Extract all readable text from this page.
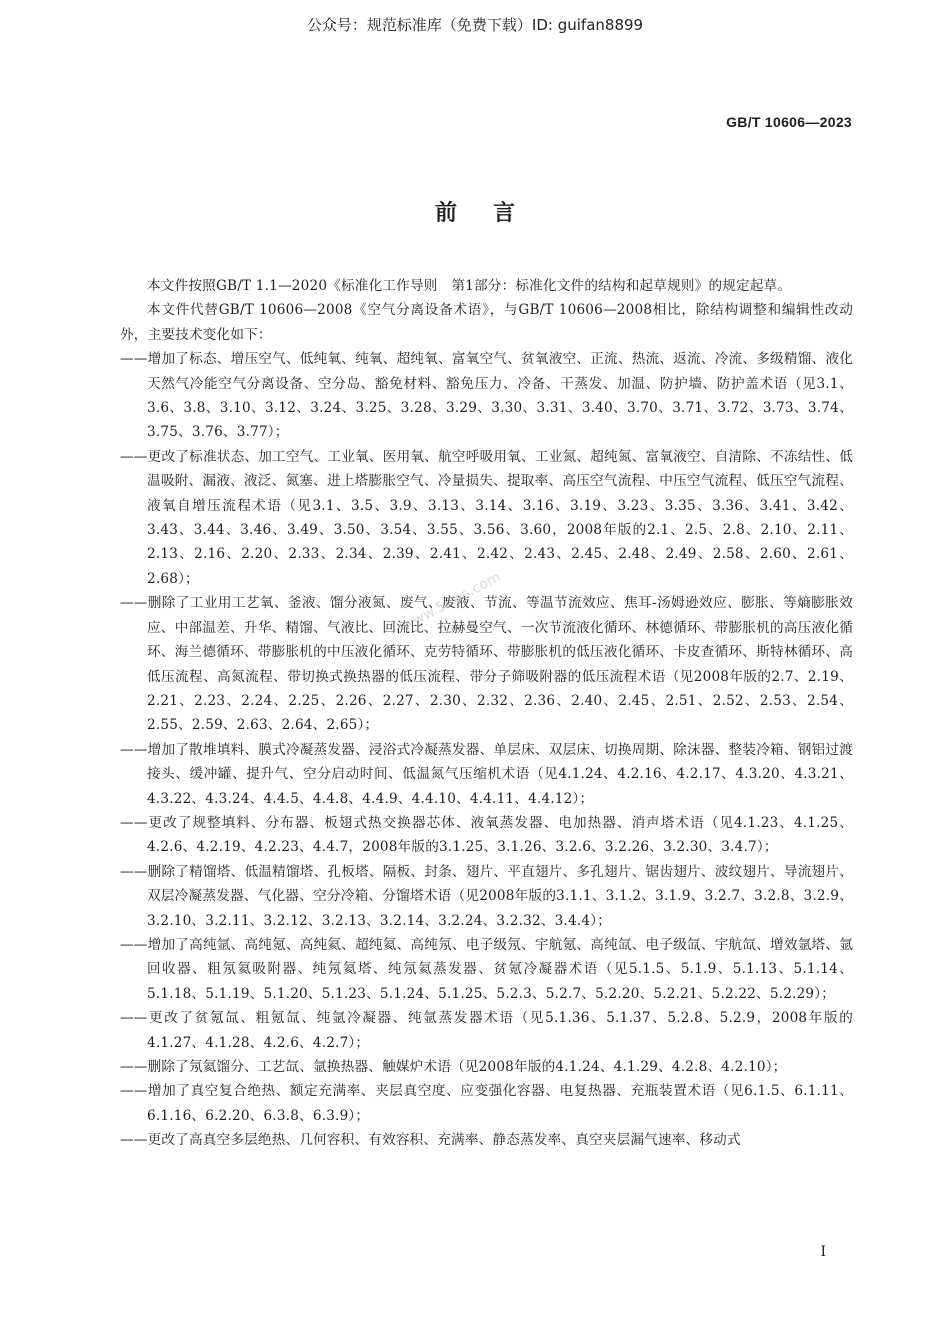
公众号：规范标准库（免费下载）ID: guifan8899
GB/T 10606—2023
前言

本文件按照GB/T 1.1—2020《标准化工作导则　第1部分：标准化文件的结构和起草规则》的规定起草。

本文件代替GB/T 10606—2008《空气分离设备术语》，与GB/T 10606—2008相比，除结构调整和编辑性改动外，主要技术变化如下：

——增加了标态、增压空气、低纯氧、纯氧、超纯氧、富氧空气、贫氧液空、正流、热流、返流、冷流、多级精馏、液化天然气冷能空气分离设备、空分岛、豁免材料、豁免压力、冷备、干蒸发、加温、防护墙、防护盖术语（见3.1、3.6、3.8、3.10、3.12、3.24、3.25、3.28、3.29、3.30、3.31、3.40、3.70、3.71、3.72、3.73、3.74、3.75、3.76、3.77）；

——更改了标准状态、加工空气、工业氧、医用氧、航空呼吸用氧、工业氮、超纯氮、富氧液空、自清除、不冻结性、低温吸附、漏液、液泛、氮塞、进上塔膨胀空气、冷量损失、提取率、高压空气流程、中压空气流程、低压空气流程、液氧自增压流程术语（见3.1、3.5、3.9、3.13、3.14、3.16、3.19、3.23、3.35、3.36、3.41、3.42、3.43、3.44、3.46、3.49、3.50、3.54、3.55、3.56、3.60，2008年版的2.1、2.5、2.8、2.10、2.11、2.13、2.16、2.20、2.33、2.34、2.39、2.41、2.42、2.43、2.45、2.48、2.49、2.58、2.60、2.61、2.68）；

——删除了工业用工艺氧、釜液、馏分液氮、废气、废液、节流、等温节流效应、焦耳-汤姆逊效应、膨胀、等熵膨胀效应、中部温差、升华、精馏、气液比、回流比、拉赫曼空气、一次节流液化循环、林德循环、带膨胀机的高压液化循环、海兰德循环、带膨胀机的中压液化循环、克劳特循环、带膨胀机的低压液化循环、卡皮查循环、斯特林循环、高低压流程、高氮流程、带切换式换热器的低压流程、带分子筛吸附器的低压流程术语（见2008年版的2.7、2.19、2.21、2.23、2.24、2.25、2.26、2.27、2.30、2.32、2.36、2.40、2.45、2.51、2.52、2.53、2.54、2.55、2.59、2.63、2.64、2.65）；

——增加了散堆填料、膜式冷凝蒸发器、浸浴式冷凝蒸发器、单层床、双层床、切换周期、除沫器、整装冷箱、钢铝过渡接头、缓冲罐、提升气、空分启动时间、低温氮气压缩机术语（见4.1.24、4.2.16、4.2.17、4.3.20、4.3.21、4.3.22、4.3.24、4.4.5、4.4.8、4.4.9、4.4.10、4.4.11、4.4.12）；

——更改了规整填料、分布器、板翅式热交换器芯体、液氧蒸发器、电加热器、消声塔术语（见4.1.23、4.1.25、4.2.6、4.2.19、4.2.23、4.4.7，2008年版的3.1.25、3.1.26、3.2.6、3.2.26、3.2.30、3.4.7）；

——删除了精馏塔、低温精馏塔、孔板塔、隔板、封条、翅片、平直翅片、多孔翅片、锯齿翅片、波纹翅片、导流翅片、双层冷凝蒸发器、气化器、空分冷箱、分馏塔术语（见2008年版的3.1.1、3.1.2、3.1.9、3.2.7、3.2.8、3.2.9、3.2.10、3.2.11、3.2.12、3.2.13、3.2.14、3.2.24、3.2.32、3.4.4）；

——增加了高纯氩、高纯氪、高纯氦、超纯氦、高纯氖、电子级氖、宇航氪、高纯氙、电子级氙、宇航氙、增效氩塔、氩回收器、粗氖氦吸附器、纯氖氦塔、纯氖氦蒸发器、贫氪冷凝器术语（见5.1.5、5.1.9、5.1.13、5.1.14、5.1.18、5.1.19、5.1.20、5.1.23、5.1.24、5.1.25、5.2.3、5.2.7、5.2.20、5.2.21、5.2.22、5.2.29）；

——更改了贫氪氙、粗氪氙、纯氩冷凝器、纯氩蒸发器术语（见5.1.36、5.1.37、5.2.8、5.2.9，2008年版的4.1.27、4.1.28、4.2.6、4.2.7）；

——删除了氖氦馏分、工艺氙、氩换热器、触媒炉术语（见2008年版的4.1.24、4.1.29、4.2.8、4.2.10）；

——增加了真空复合绝热、额定充满率、夹层真空度、应变强化容器、电复热器、充瓶装置术语（见6.1.5、6.1.11、6.1.16、6.2.20、6.3.8、6.3.9）；

——更改了高真空多层绝热、几何容积、有效容积、充满率、静态蒸发率、真空夹层漏气速率、移动式

www.58ws.com
I
